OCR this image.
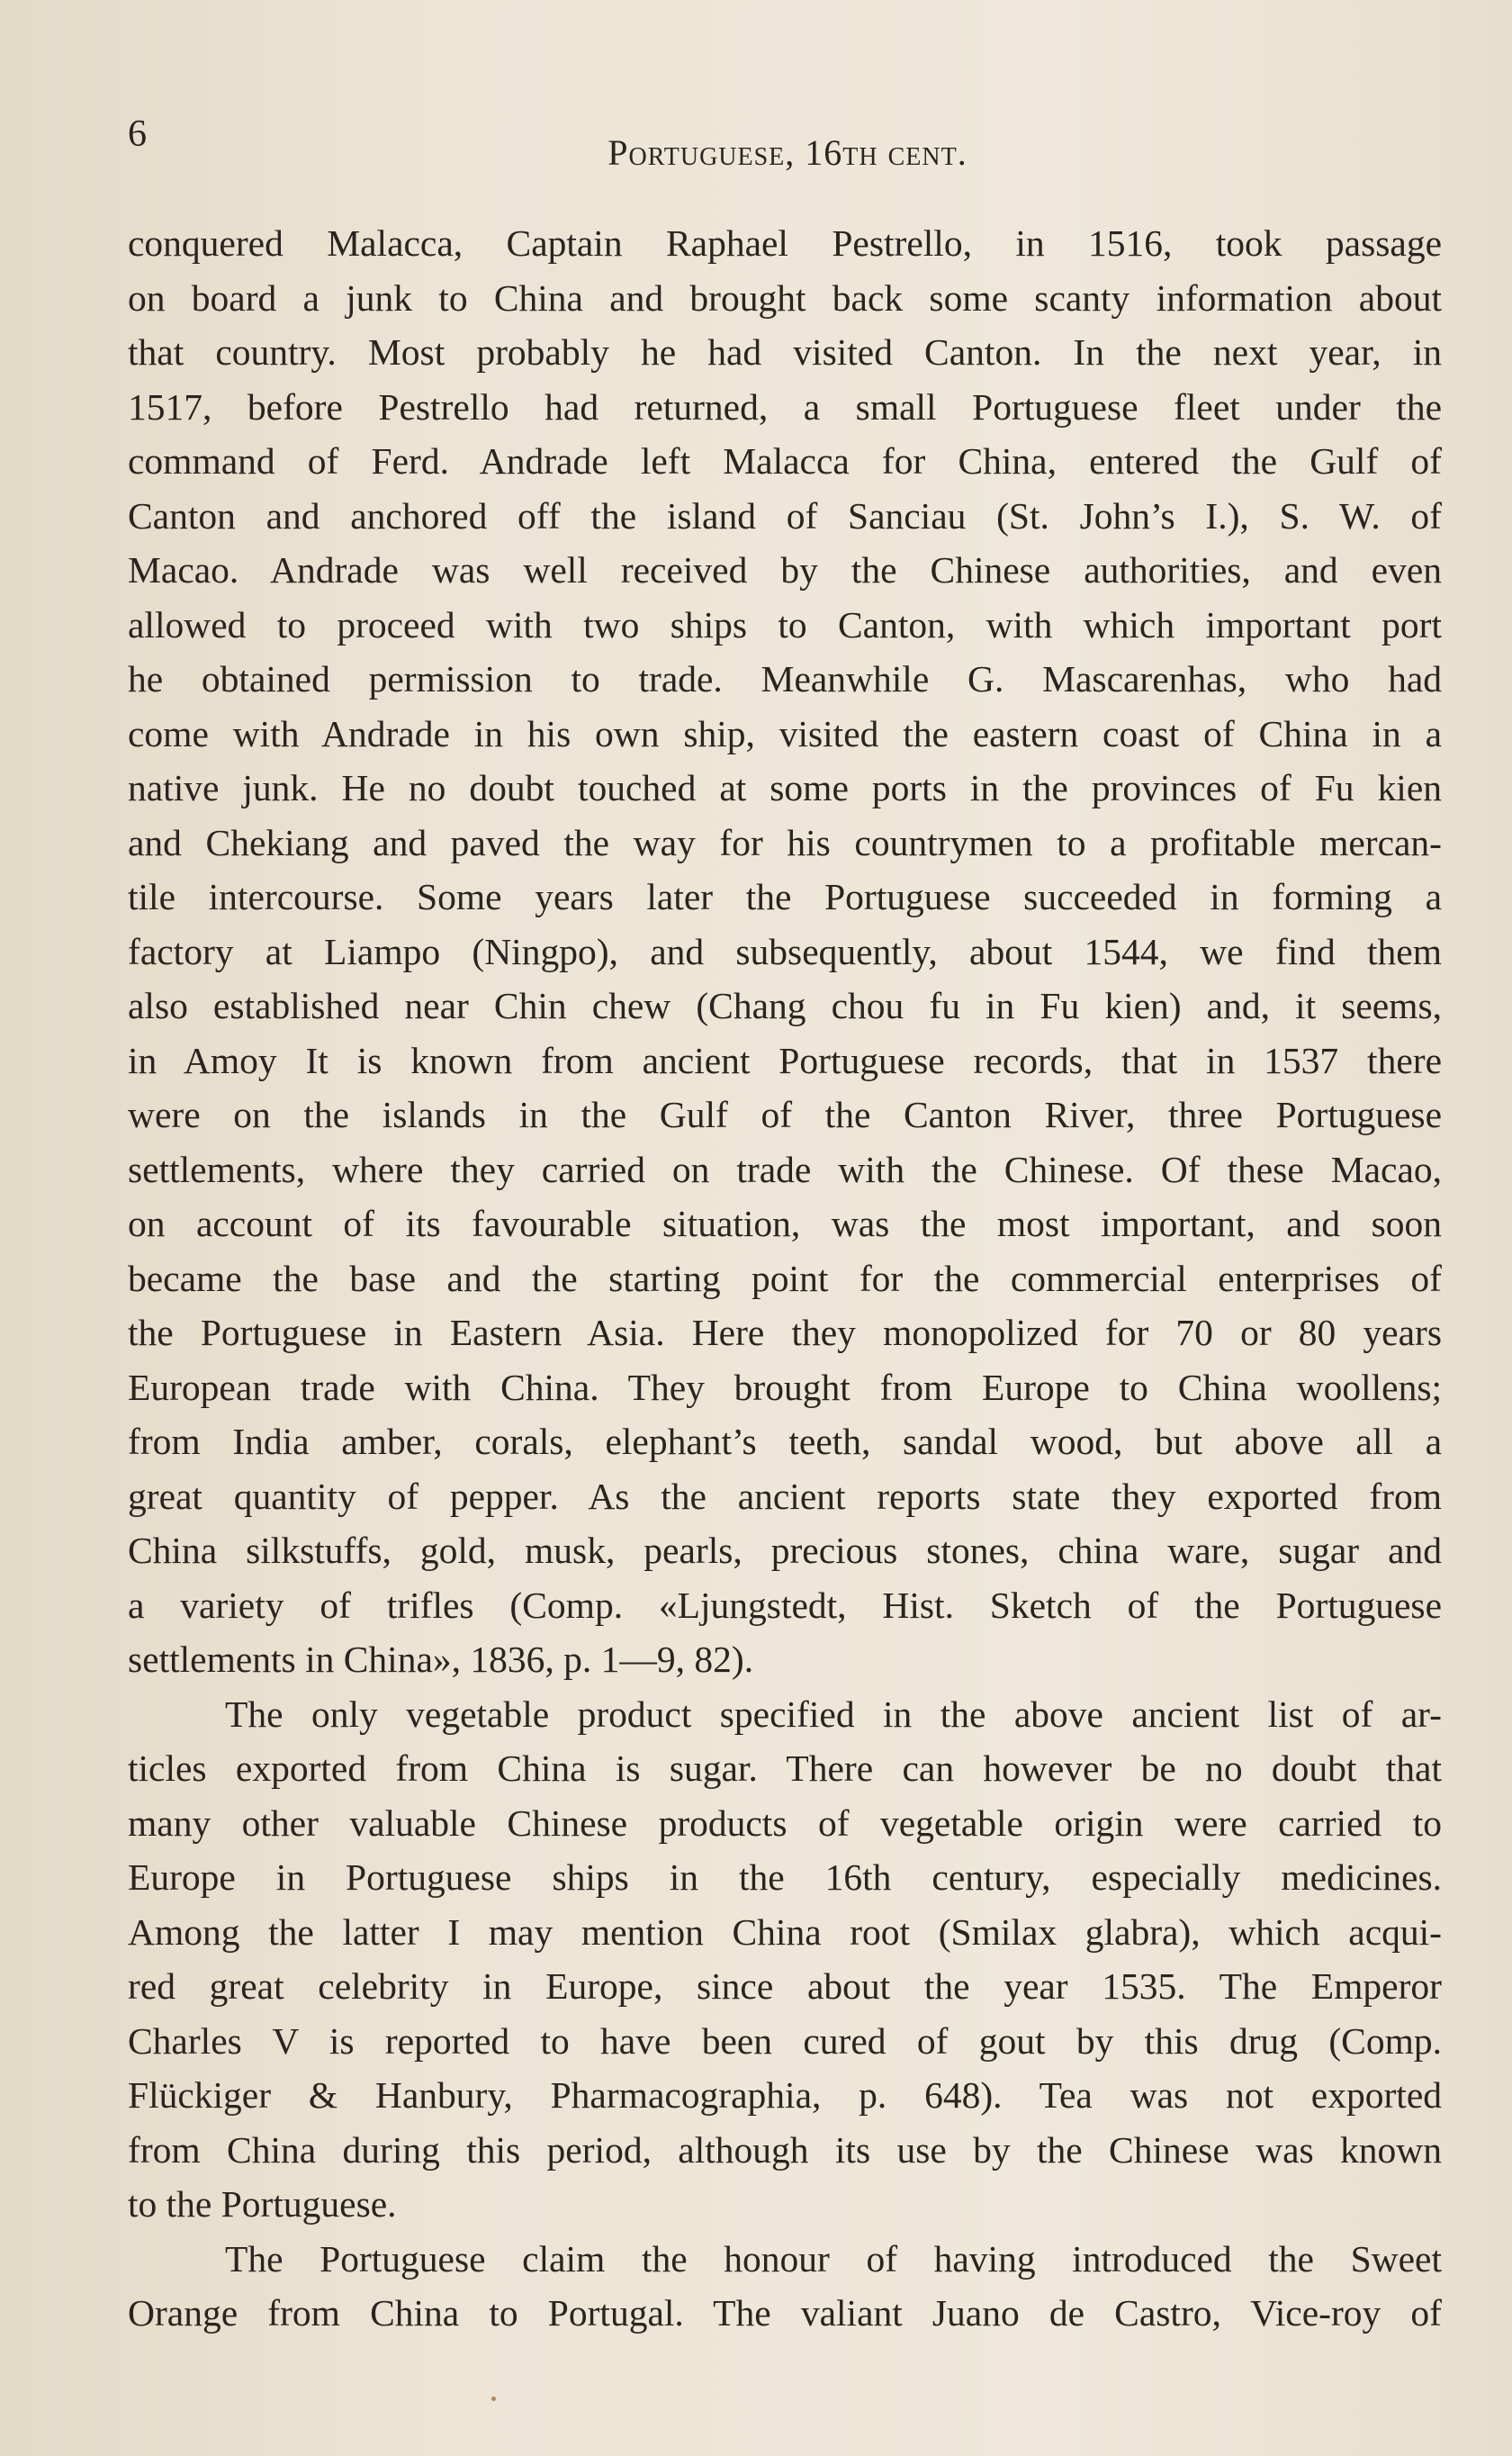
6	Portuguese, 16th cent.

conquered Malacca, Captain Raphael Pestrello, in 1516, took passage
on board a junk to China and brought back some scanty information about
that country. Most probably he had visited Canton. In the next year, in
1517, before Pestrello had returned, a small Portuguese fleet under the
command of Ferd. Andrade left Malacca for China, entered the Gulf of
Canton and anchored off the island of Sanciau (St. John’s I.), S. W. of
Macao. Andrade was well received by the Chinese authorities, and even
allowed to proceed with two ships to Canton, with which important port
he obtained permission to trade. Meanwhile G. Mascarenhas, who had
come with Andrade in his own ship, visited the eastern coast of China in a
native junk. He no doubt touched at some ports in the provinces of Fu kien
and Chekiang and paved the way for his countrymen to a profitable mercan-
tile intercourse. Some years later the Portuguese succeeded in forming a
factory at Liampo (Ningpo), and subsequently, about 1544, we find them
also established near Chin chew (Chang chou fu in Fu kien) and, it seems,
in Amoy It is known from ancient Portuguese records, that in 1537 there
were on the islands in the Gulf of the Canton River, three Portuguese
settlements, where they carried on trade with the Chinese. Of these Macao,
on account of its favourable situation, was the most important, and soon
became the base and the starting point for the commercial enterprises of
the Portuguese in Eastern Asia. Here they monopolized for 70 or 80 years
European trade with China. They brought from Europe to China woollens;
from India amber, corals, elephant’s teeth, sandal wood, but above all a
great quantity of pepper. As the ancient reports state they exported from
China silkstuffs, gold, musk, pearls, precious stones, china ware, sugar and
a variety of trifles (Comp. «Ljungstedt, Hist. Sketch of the Portuguese
settlements in China», 1836, p. 1—9, 82).

The only vegetable product specified in the above ancient list of ar-
ticles exported from China is sugar. There can however be no doubt that
many other valuable Chinese products of vegetable origin were carried to
Europe in Portuguese ships in the 16th century, especially medicines.
Among the latter I may mention China root (Smilax glabra), which acqui-
red great celebrity in Europe, since about the year 1535. The Emperor
Charles V is reported to have been cured of gout by this drug (Comp.
Flückiger & Hanbury, Pharmacographia, p. 648). Tea was not exported
from China during this period, although its use by the Chinese was known
to the Portuguese.

The Portuguese claim the honour of having introduced the Sweet
Orange from China to Portugal. The valiant Juano de Castro, Vice-roy of
